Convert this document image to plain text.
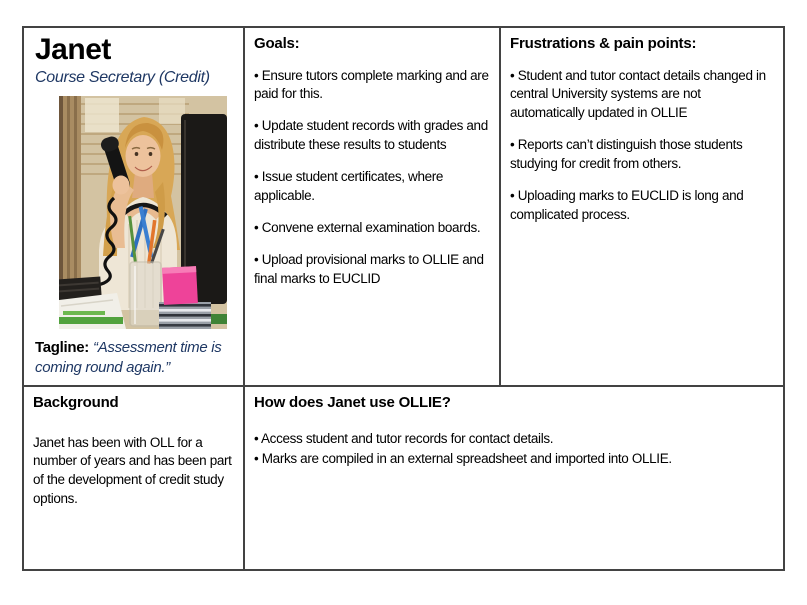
Janet
Course Secretary (Credit)
Tagline: “Assessment time is coming round again.”
Goals:

• Ensure tutors complete marking and are paid for this.

• Update student records with grades and distribute these results to students

• Issue student certificates, where applicable.

• Convene external examination boards.

• Upload provisional marks to OLLIE and final marks to EUCLID

Frustrations & pain points:

• Student and tutor contact details changed in central University systems are not automatically updated in OLLIE

• Reports can’t distinguish those students studying for credit from others.

• Uploading marks to EUCLID is long and complicated process.

Background

Janet has been with OLL for a number of years and has been part of the development of credit study options.

How does Janet use OLLIE?

• Access student and tutor records for contact details.

• Marks are compiled in an external spreadsheet and imported into OLLIE.
